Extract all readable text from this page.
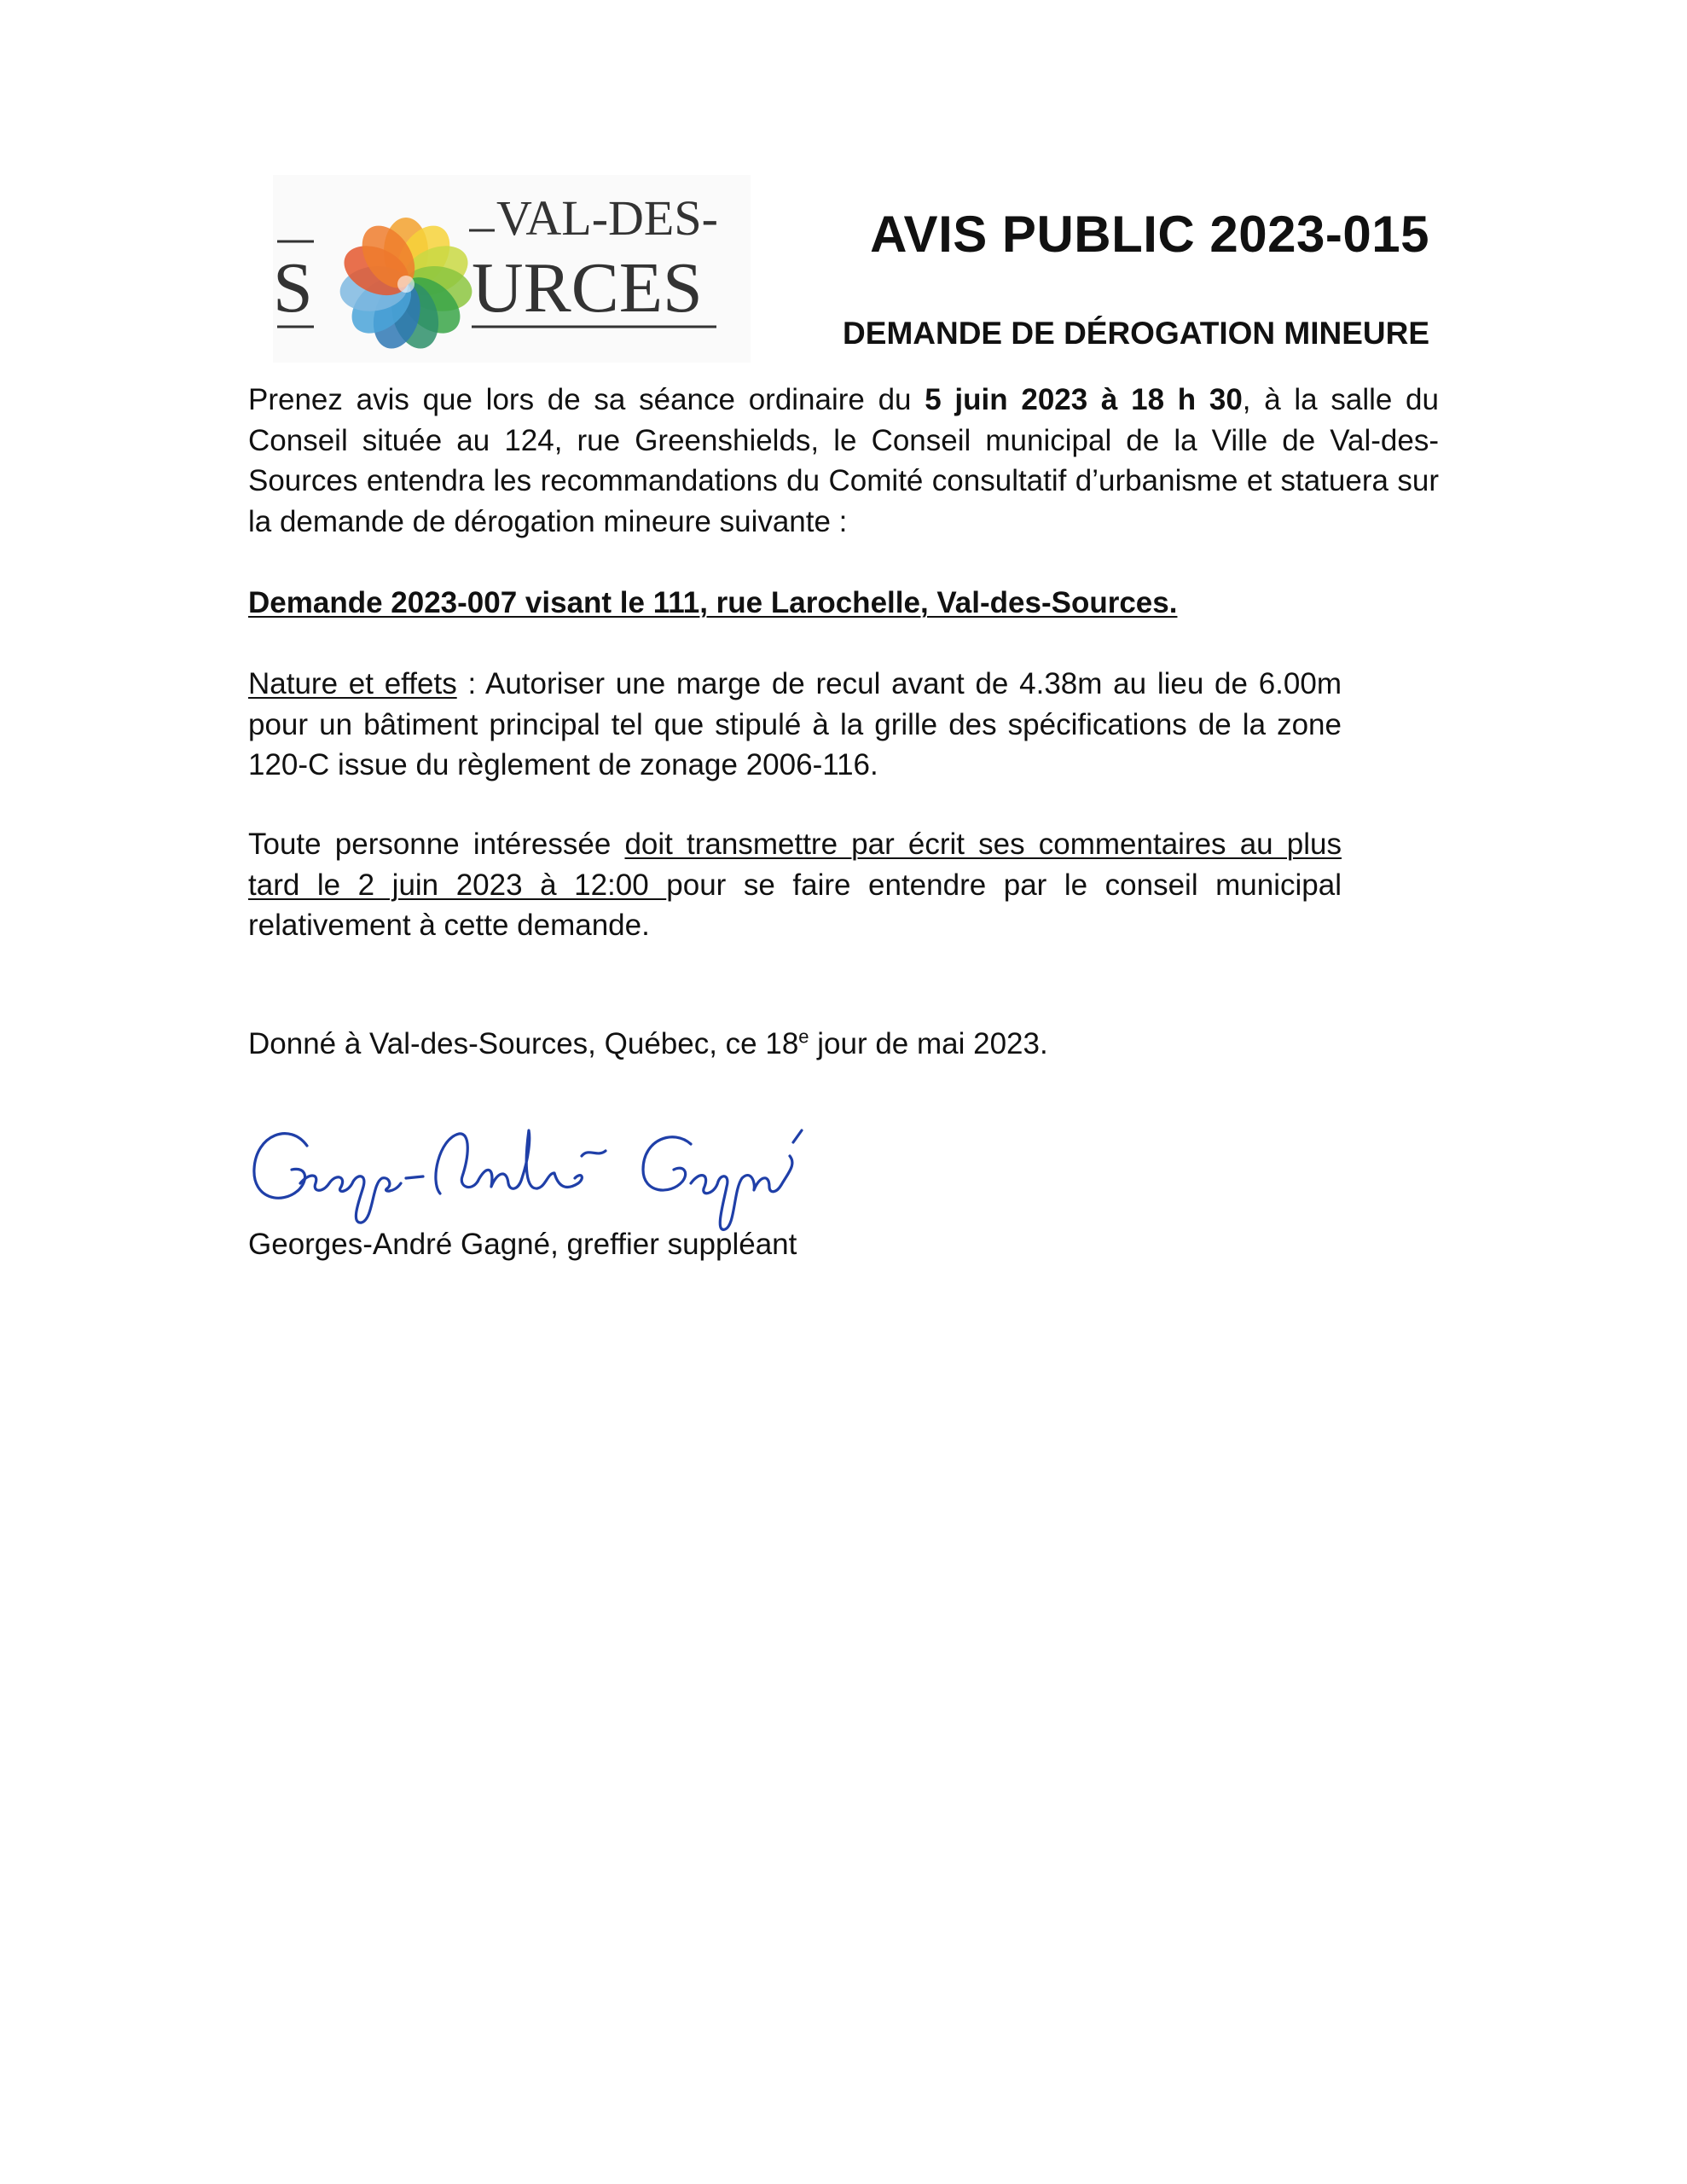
VAL-DES-
S URCES
AVIS PUBLIC 2023-015
DEMANDE DE DÉROGATION MINEURE

Prenez avis que lors de sa séance ordinaire du 5 juin 2023 à 18 h 30, à la salle du Conseil située au 124, rue Greenshields, le Conseil municipal de la Ville de Val-des-Sources entendra les recommandations du Comité consultatif d’urbanisme et statuera sur la demande de dérogation mineure suivante :

Demande 2023-007 visant le 111, rue Larochelle, Val-des-Sources.

Nature et effets : Autoriser une marge de recul avant de 4.38m au lieu de 6.00m pour un bâtiment principal tel que stipulé à la grille des spécifications de la zone 120-C issue du règlement de zonage 2006-116.

Toute personne intéressée doit transmettre par écrit ses commentaires au plus tard le 2 juin 2023 à 12:00 pour se faire entendre par le conseil municipal relativement à cette demande.

Donné à Val-des-Sources, Québec, ce 18e jour de mai 2023.

Georges-André Gagné, greffier suppléant
